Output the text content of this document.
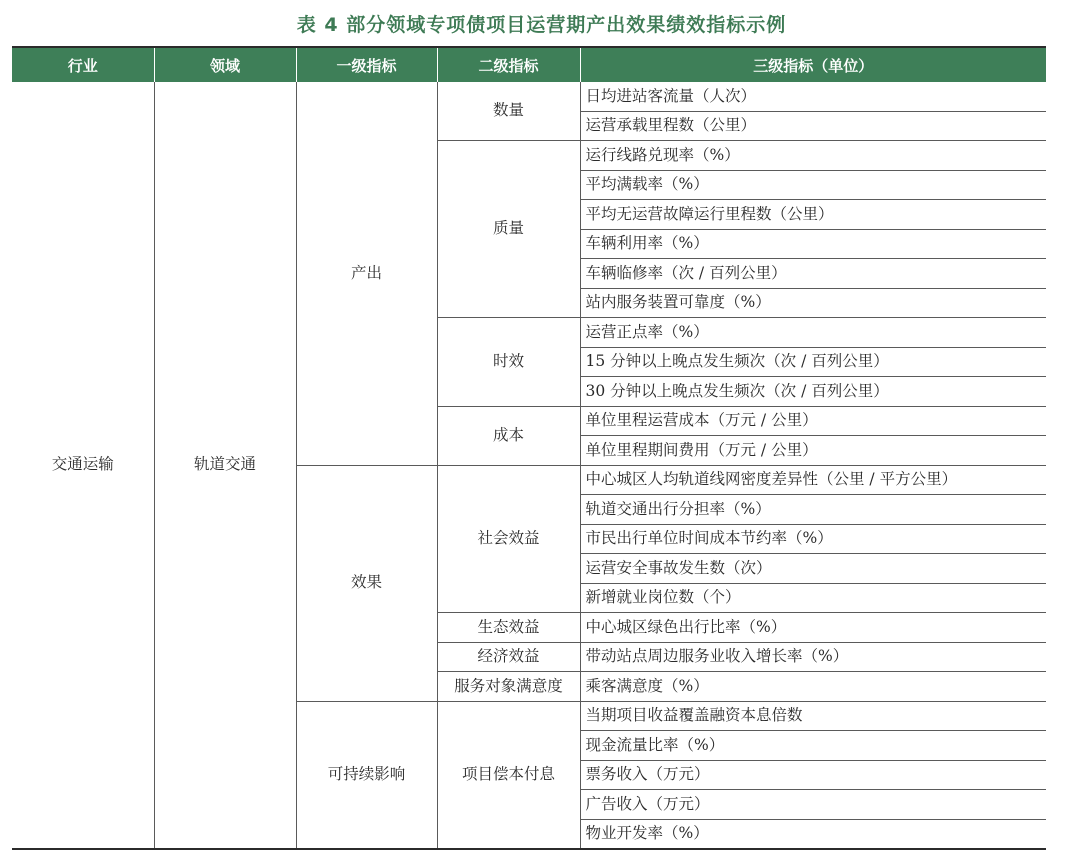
表 4 部分领域专项债项目运营期产出效果绩效指标示例
行业	领域	一级指标	二级指标	三级指标（单位）
交通运输	轨道交通	产出	数量	日均进站客流量（人次）
				运营承载里程数（公里）
			质量	运行线路兑现率（%）
				平均满载率（%）
				平均无运营故障运行里程数（公里）
				车辆利用率（%）
				车辆临修率（次 / 百列公里）
				站内服务装置可靠度（%）
			时效	运营正点率（%）
				15 分钟以上晚点发生频次（次 / 百列公里）
				30 分钟以上晚点发生频次（次 / 百列公里）
			成本	单位里程运营成本（万元 / 公里）
				单位里程期间费用（万元 / 公里）
		效果	社会效益	中心城区人均轨道线网密度差异性（公里 / 平方公里）
				轨道交通出行分担率（%）
				市民出行单位时间成本节约率（%）
				运营安全事故发生数（次）
				新增就业岗位数（个）
			生态效益	中心城区绿色出行比率（%）
			经济效益	带动站点周边服务业收入增长率（%）
			服务对象满意度	乘客满意度（%）
		可持续影响	项目偿本付息	当期项目收益覆盖融资本息倍数
				现金流量比率（%）
				票务收入（万元）
				广告收入（万元）
				物业开发率（%）
